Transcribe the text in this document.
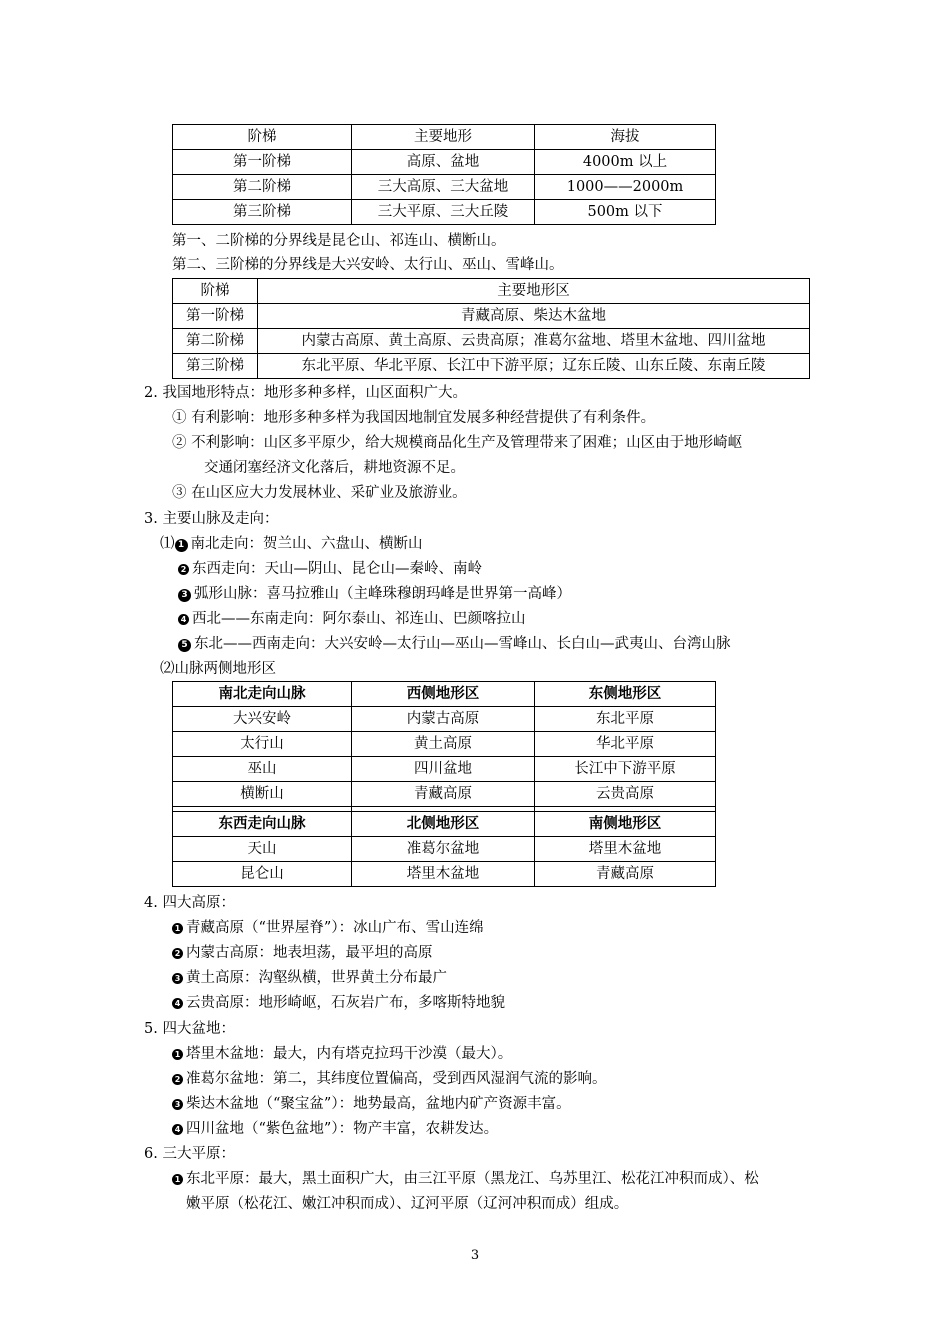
阶梯	主要地形	海拔
第一阶梯	高原、盆地	4000m 以上
第二阶梯	三大高原、三大盆地	1000——2000m
第三阶梯	三大平原、三大丘陵	500m 以下
第一、二阶梯的分界线是昆仑山、祁连山、横断山。
第二、三阶梯的分界线是大兴安岭、太行山、巫山、雪峰山。
阶梯	主要地形区
第一阶梯	青藏高原、柴达木盆地
第二阶梯	内蒙古高原、黄土高原、云贵高原；准葛尔盆地、塔里木盆地、四川盆地
第三阶梯	东北平原、华北平原、长江中下游平原；辽东丘陵、山东丘陵、东南丘陵
2. 我国地形特点：地形多种多样，山区面积广大。
① 有利影响：地形多种多样为我国因地制宜发展多种经营提供了有利条件。
② 不利影响：山区多平原少，给大规模商品化生产及管理带来了困难；山区由于地形崎岖
交通闭塞经济文化落后，耕地资源不足。
③ 在山区应大力发展林业、采矿业及旅游业。
3. 主要山脉及走向：
⑴ 1 南北走向：贺兰山、六盘山、横断山
2 东西走向：天山—阴山、昆仑山—秦岭、南岭
3 弧形山脉：喜马拉雅山（主峰珠穆朗玛峰是世界第一高峰）
4 西北——东南走向：阿尔泰山、祁连山、巴颜喀拉山
5 东北——西南走向：大兴安岭—太行山—巫山—雪峰山、长白山—武夷山、台湾山脉
⑵山脉两侧地形区
南北走向山脉	西侧地形区	东侧地形区
大兴安岭	内蒙古高原	东北平原
太行山	黄土高原	华北平原
巫山	四川盆地	长江中下游平原
横断山	青藏高原	云贵高原

东西走向山脉	北侧地形区	南侧地形区
天山	准葛尔盆地	塔里木盆地
昆仑山	塔里木盆地	青藏高原
4. 四大高原：
1 青藏高原（“世界屋脊”）：冰山广布、雪山连绵
2 内蒙古高原：地表坦荡，最平坦的高原
3 黄土高原：沟壑纵横，世界黄土分布最广
4 云贵高原：地形崎岖，石灰岩广布，多喀斯特地貌
5. 四大盆地：
1 塔里木盆地：最大，内有塔克拉玛干沙漠（最大）。
2 准葛尔盆地：第二，其纬度位置偏高，受到西风湿润气流的影响。
3 柴达木盆地（“聚宝盆”）：地势最高，盆地内矿产资源丰富。
4 四川盆地（“紫色盆地”）：物产丰富，农耕发达。
6. 三大平原：
1 东北平原：最大，黑土面积广大，由三江平原（黑龙江、乌苏里江、松花江冲积而成）、松
嫩平原（松花江、嫩江冲积而成）、辽河平原（辽河冲积而成）组成。
3
